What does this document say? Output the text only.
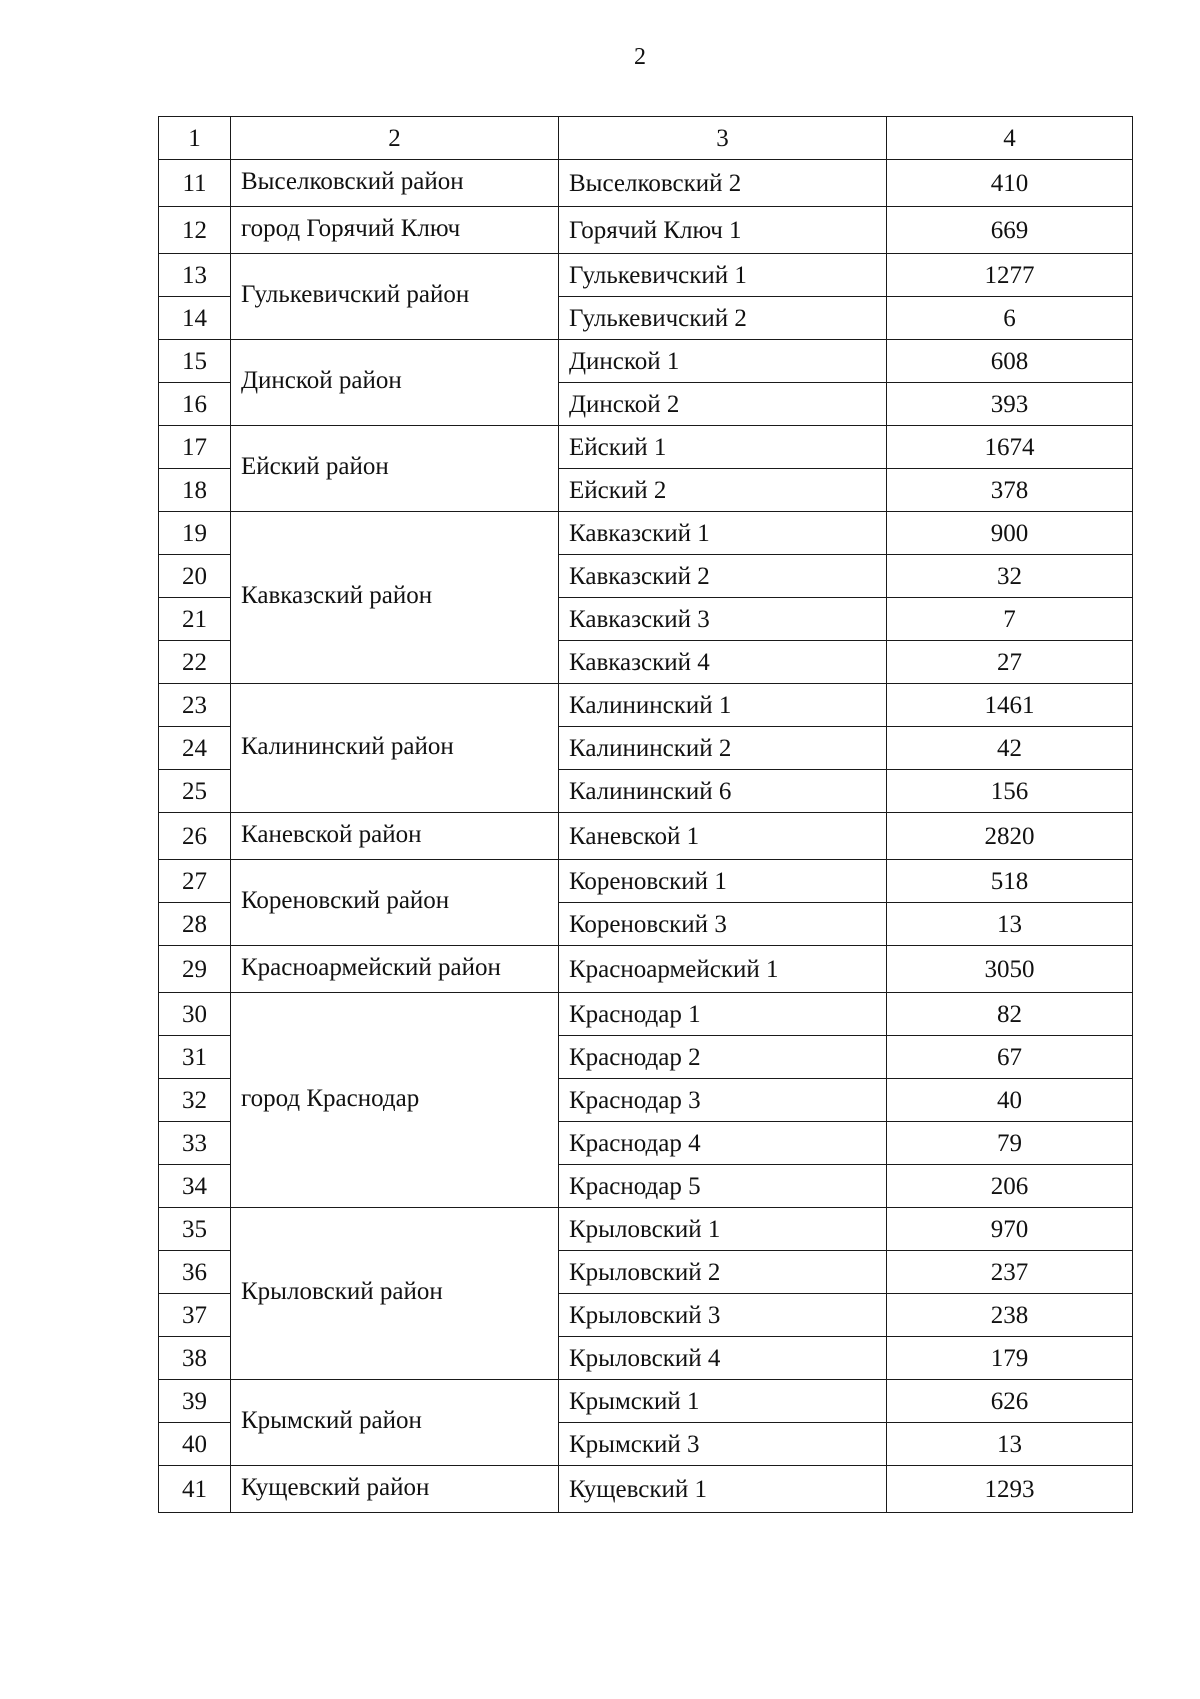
2
1	2	3	4
11	Выселковский район	Выселковский 2	410
12	город Горячий Ключ	Горячий Ключ 1	669
13	Гулькевичский район	Гулькевичский 1	1277
14		Гулькевичский 2	6
15	Динской район	Динской 1	608
16		Динской 2	393
17	Ейский район	Ейский 1	1674
18		Ейский 2	378
19	Кавказский район	Кавказский 1	900
20		Кавказский 2	32
21		Кавказский 3	7
22		Кавказский 4	27
23	Калининский район	Калининский 1	1461
24		Калининский 2	42
25		Калининский 6	156
26	Каневской район	Каневской 1	2820
27	Кореновский район	Кореновский 1	518
28		Кореновский 3	13
29	Красноармейский район	Красноармейский 1	3050
30	город Краснодар	Краснодар 1	82
31		Краснодар 2	67
32		Краснодар 3	40
33		Краснодар 4	79
34		Краснодар 5	206
35	Крыловский район	Крыловский 1	970
36		Крыловский 2	237
37		Крыловский 3	238
38		Крыловский 4	179
39	Крымский район	Крымский 1	626
40		Крымский 3	13
41	Кущевский район	Кущевский 1	1293
